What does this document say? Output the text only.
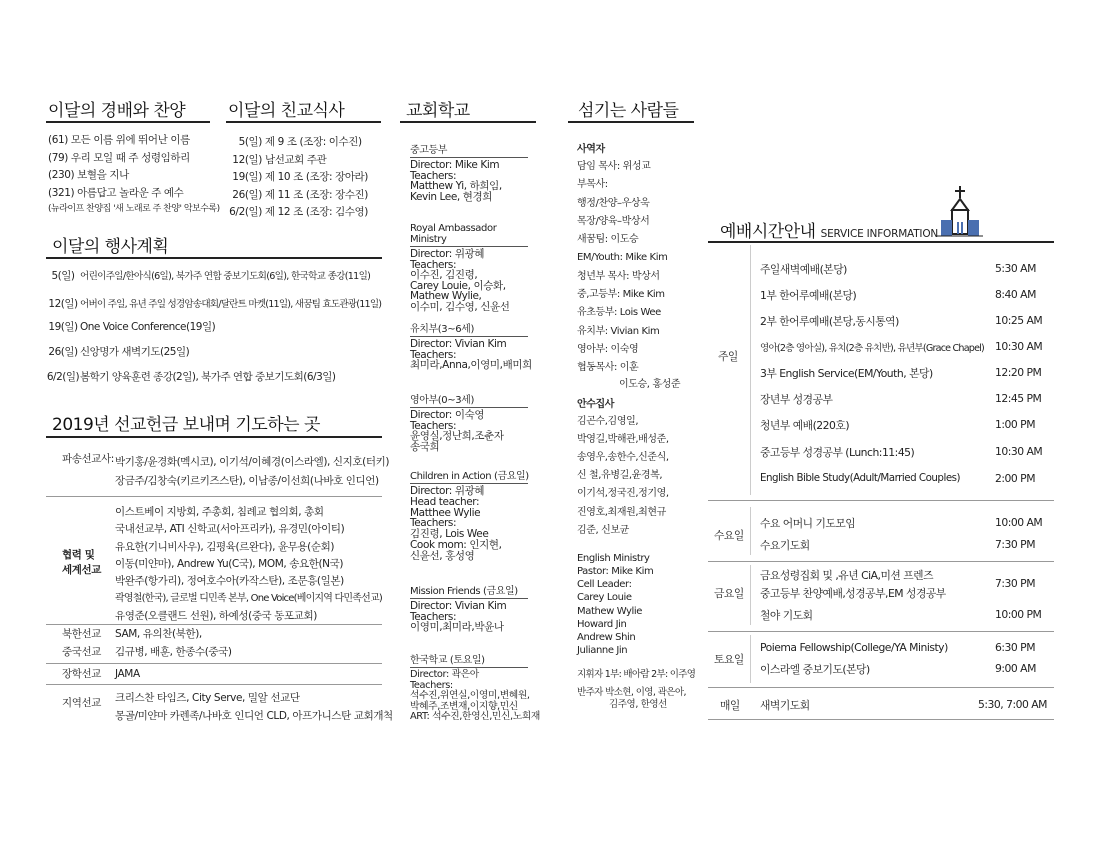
이달의 경배와 찬양
(61) 모든 이름 위에 뛰어난 이름
(79) 우리 모일 때 주 성령임하리
(230) 보혈을 지나
(321) 아름답고 놀라운 주 예수
(뉴라이프 찬양집 '새 노래로 주 찬양' 악보수록)
이달의 친교식사
5(일) 제 9 조 (조장: 이수진)
12(일) 남선교회 주관
19(일) 제 10 조 (조장: 장아라)
26(일) 제 11 조 (조장: 장수진)
6/2(일) 제 12 조 (조장: 김수영)
이달의 행사계획
5(일) 어린이주일/한아식(6일), 북가주 연합 중보기도회(6일), 한국학교 종강(11일)
12(일) 어버이 주일, 유년 주일 성경암송대회/달란트 마켓(11일), 새꿈팀 효도관광(11일)
19(일) One Voice Conference(19일)
26(일) 신앙명가 새벽기도(25일)
6/2(일)봄학기 양육훈련 종강(2일), 북가주 연합 중보기도회(6/3일)
2019년 선교헌금 보내며 기도하는 곳
파송선교사: 박기홍/윤경화(멕시코), 이기석/이혜경(이스라엘), 신지호(터키)
장금주/김창숙(키르키즈스탄), 이남종/이선희(나바호 인디언)
협력 및
세계선교
이스트베이 지방회, 주총회, 침례교 협의회, 총회
국내선교부, ATI 신학교(서아프리카), 유경민(아이티)
유요한(기니비사우), 김평육(르완다), 윤무용(순회)
이동(미얀마), Andrew Yu(C국), MOM, 송요한(N국)
박완주(항가리), 정여호수아(카작스탄), 조문흥(일본)
곽영철(한국), 글로벌 디민족 본부, One Voice(베이지역 다민족선교)
유영준(오클랜드 선원), 하예성(중국 동포교회)
북한선교 SAM, 유의찬(북한),
중국선교 김규병, 배훈, 한종수(중국)
장학선교 JAMA
지역선교 크리스찬 타임즈, City Serve, 밀알 선교단
몽골/미얀마 카렌족/나바호 인디언 CLD, 아프가니스탄 교회개척
교회학교
중고등부
Director: Mike Kim
Teachers:
Matthew Yi, 하희임,
Kevin Lee, 현경희
Royal Ambassador Ministry
Director: 위광혜
Teachers:
이수진, 김진령,
Carey Louie, 이승화,
Mathew Wylie,
이수미, 김수영, 신윤선
유치부(3~6세)
Director: Vivian Kim
Teachers:
최미라,Anna,이영미,배미희
영아부(0~3세)
Director: 이숙영
Teachers:
윤영실,정난희,조춘자
송국희
Children in Action (금요일)
Director: 위광혜
Head teacher:
Matthee Wylie
Teachers:
김진령, Lois Wee
Cook mom: 인지현,
신윤선, 홍성영
Mission Friends (금요일)
Director: Vivian Kim
Teachers:
이영미,최미라,박윤나
한국학교 (토요일)
Director: 곽은아
Teachers:
석수진,위연실,이영미,변혜원,
박혜주,조변재,이지향,민신
ART: 석수진,한영신,민신,노희재
섬기는 사람들
사역자
담임 목사: 위성교
부목사:
행정/찬양–우상욱
목장/양육–박상서
새꿈팀: 이도승
EM/Youth: Mike Kim
청년부 목사: 박상서
중,고등부: Mike Kim
유초등부: Lois Wee
유치부: Vivian Kim
영아부: 이숙영
협동목사: 이훈
이도승, 홍성준
안수집사
김곤수,김영일,
박영길,박해관,배성준,
송영우,송한수,신준식,
신 철,유병길,윤경복,
이기석,정국진,정기영,
진영호,최재원,최현규
김준, 신보균
English Ministry
Pastor: Mike Kim
Cell Leader:
Carey Louie
Mathew Wylie
Howard Jin
Andrew Shin
Julianne Jin
지휘자 1부: 배아람 2부: 이주영
반주자 박소현, 이영, 곽은아,
김주영, 한영선
예배시간안내 SERVICE INFORMATION
주일
주일새벽예배(본당)	5:30 AM
1부 한어루예배(본당)	8:40 AM
2부 한어루예배(본당,동시통역)	10:25 AM
영아(2층 영아실), 유치(2층 유치반), 유년부(Grace Chapel) 10:30 AM
3부 English Service(EM/Youth, 본당)	12:20 PM
장년부 성경공부	12:45 PM
청년부 예배(220호)	1:00 PM
중고등부 성경공부 (Lunch:11:45)	10:30 AM
English Bible Study(Adult/Married Couples)	2:00 PM
수요일
수요 어머니 기도모임	10:00 AM
수요기도회	7:30 PM
금요일
금요성령집회 및 ,유년 CiA,미션 프렌즈
중고등부 찬양예배,성경공부,EM 성경공부
7:30 PM
철야 기도회	10:00 PM
토요일
Poiema Fellowship(College/YA Ministy)	6:30 PM
이스라엘 중보기도(본당)	9:00 AM
매일 새벽기도회	5:30, 7:00 AM
